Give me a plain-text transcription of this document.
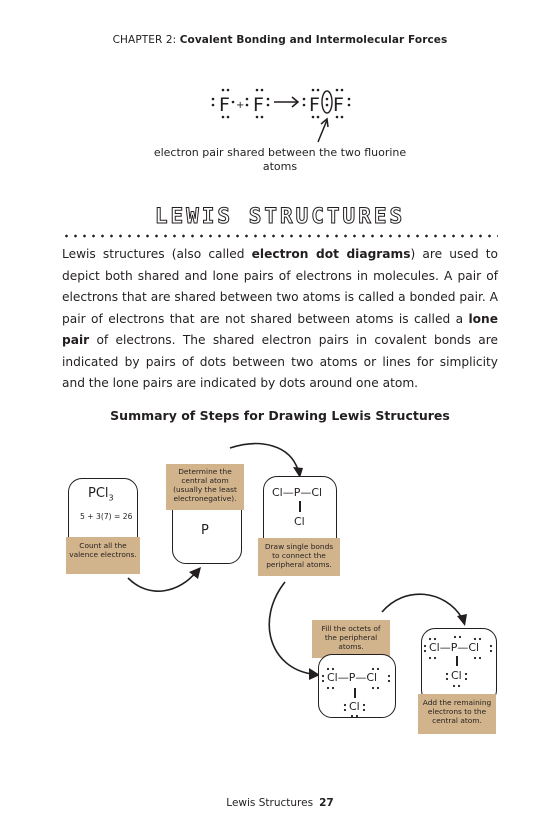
CHAPTER 2: Covalent Bonding and Intermolecular Forces
F + F F F
electron pair shared between the two fluorine atoms
LEWIS STRUCTURES
Lewis structures (also called electron dot diagrams) are used to depict both shared and lone pairs of electrons in molecules. A pair of electrons that are shared between two atoms is called a bonded pair. A pair of electrons that are not shared between atoms is called a lone pair of electrons. The shared electron pairs in covalent bonds are indicated by pairs of dots between two atoms or lines for simplicity and the lone pairs are indicated by dots around one atom.
Summary of Steps for Drawing Lewis Structures
PCl$_3$
5 + 3(7) = 26
Count all the valence electrons.
Determine the central atom (usually the least electronegative).
P
Cl—P—Cl
Cl
Draw single bonds to connect the peripheral atoms.
Fill the octets of the peripheral atoms.
Cl—P—Cl
Cl
Cl—P—Cl
Cl
Add the remaining electrons to the central atom.
Lewis Structures 27
